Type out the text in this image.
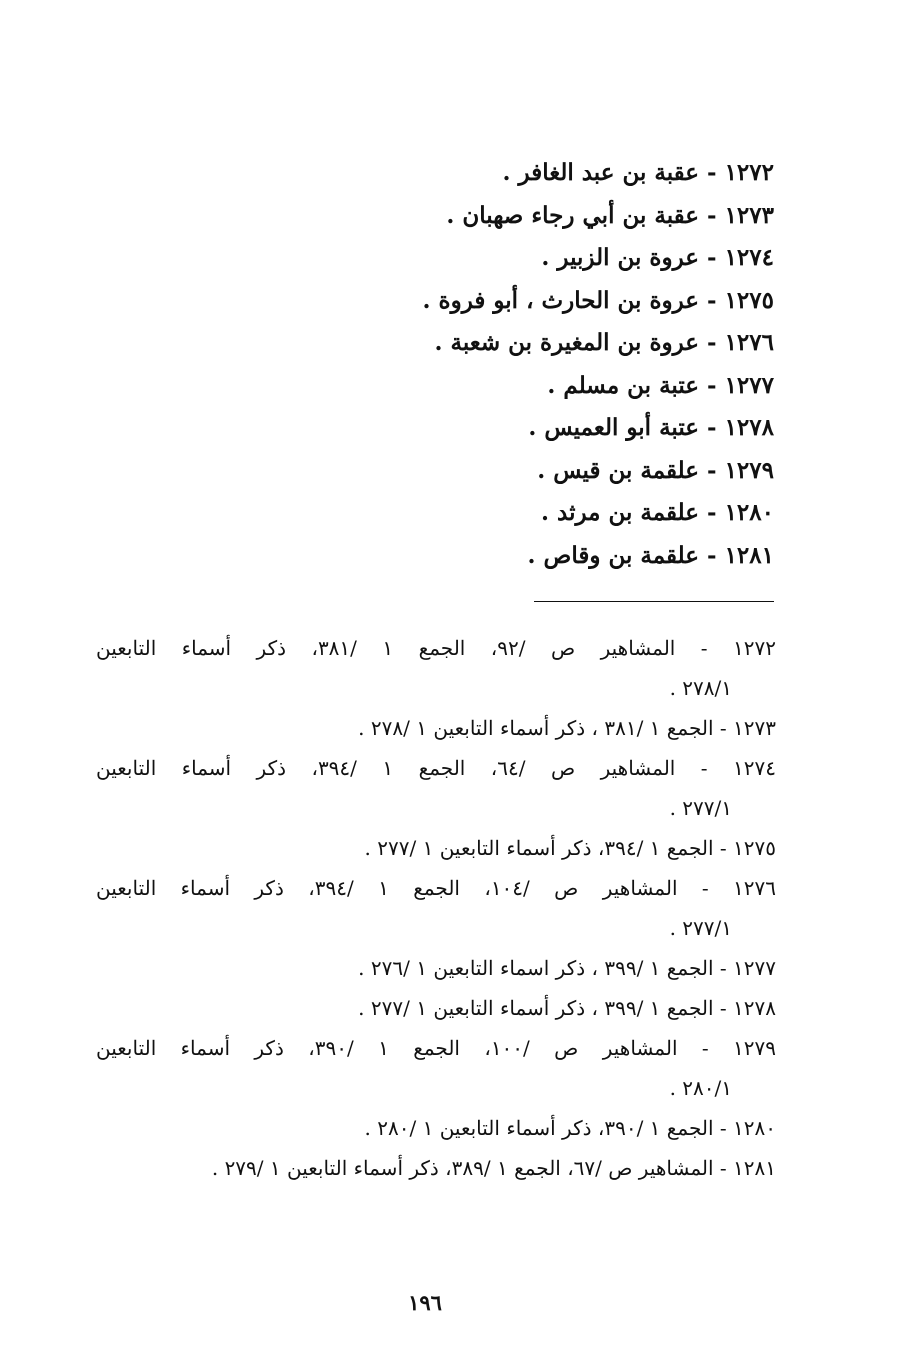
١٢٧٢ - عقبة بن عبد الغافر .
١٢٧٣ - عقبة بن أبي رجاء صهبان .
١٢٧٤ - عروة بن الزبير .
١٢٧٥ - عروة بن الحارث ، أبو فروة .
١٢٧٦ - عروة بن المغيرة بن شعبة .
١٢٧٧ - عتبة بن مسلم .
١٢٧٨ - عتبة أبو العميس .
١٢٧٩ - علقمة بن قيس .
١٢٨٠ - علقمة بن مرثد .
١٢٨١ - علقمة بن وقاص .
١٢٧٢ - المشاهير ص /٩٢، الجمع ١ /٣٨١، ذكر أسماء التابعين
٢٧٨/١ .
١٢٧٣ - الجمع ١ /٣٨١ ، ذكر أسماء التابعين ١ /٢٧٨ .
١٢٧٤ - المشاهير ص /٦٤، الجمع ١ /٣٩٤، ذكر أسماء التابعين
٢٧٧/١ .
١٢٧٥ - الجمع ١ /٣٩٤، ذكر أسماء التابعين ١ /٢٧٧ .
١٢٧٦ - المشاهير ص /١٠٤، الجمع ١ /٣٩٤، ذكر أسماء التابعين
٢٧٧/١ .
١٢٧٧ - الجمع ١ /٣٩٩ ، ذكر اسماء التابعين ١ /٢٧٦ .
١٢٧٨ - الجمع ١ /٣٩٩ ، ذكر أسماء التابعين ١ /٢٧٧ .
١٢٧٩ - المشاهير ص /١٠٠، الجمع ١ /٣٩٠، ذكر أسماء التابعين
٢٨٠/١ .
١٢٨٠ - الجمع ١ /٣٩٠، ذكر أسماء التابعين ١ /٢٨٠ .
١٢٨١ - المشاهير ص /٦٧، الجمع ١ /٣٨٩، ذكر أسماء التابعين ١ /٢٧٩ .
١٩٦
